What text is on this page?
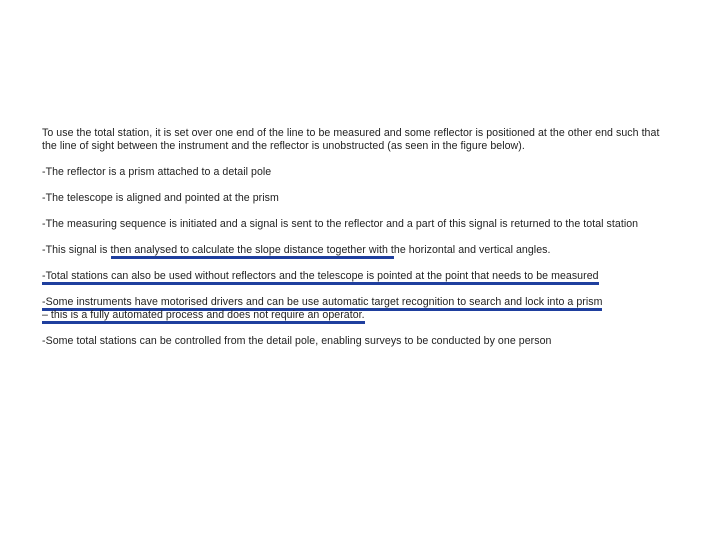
To use the total station, it is set over one end of the line to be measured and some reflector is positioned at the other end such that the line of sight between the instrument and the reflector is unobstructed (as seen in the figure below).

-The reflector is a prism attached to a detail pole

-The telescope is aligned and pointed at the prism

-The measuring sequence is initiated and a signal is sent to the reflector and a part of this signal is returned to the total station

-This signal is then analysed to calculate the slope distance together with the horizontal and vertical angles.

-Total stations can also be used without reflectors and the telescope is pointed at the point that needs to be measured

-Some instruments have motorised drivers and can be use automatic target recognition to search and lock into a prism
– this is a fully automated process and does not require an operator.

-Some total stations can be controlled from the detail pole, enabling surveys to be conducted by one person
